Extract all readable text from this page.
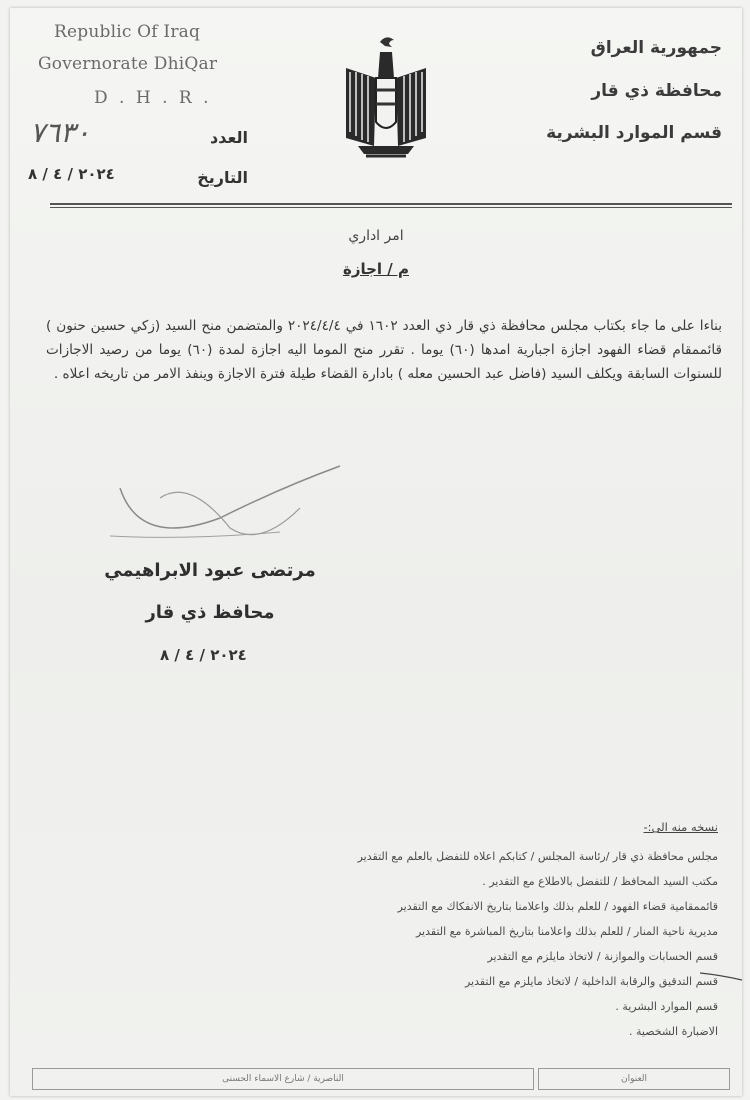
Republic Of Iraq
Governorate DhiQar
D . H . R .
جمهورية العراق
محافظة ذي قار
قسم الموارد البشرية
العدد
٧٦٣٠
التاريخ
٢٠٢٤ / ٤ / ٨
امر اداري
م / اجازة
بناءا على ما جاء بكتاب مجلس محافظة ذي قار ذي العدد ١٦٠٢ في ٢٠٢٤/٤/٤ والمتضمن منح السيد (زكي حسين حنون ) قائممقام قضاء الفهود اجازة اجبارية امدها (٦٠) يوما . تقرر منح الموما اليه اجازة لمدة (٦٠) يوما من رصيد الاجازات للسنوات السابقة ويكلف السيد (فاضل عبد الحسين معله ) بادارة القضاء طيلة فترة الاجازة وينفذ الامر من تاريخه اعلاه .
مرتضى عبود الابراهيمي
محافظ ذي قار
٢٠٢٤ / ٤ / ٨
نسخه منه الى:-
مجلس محافظة ذي قار /رئاسة المجلس / كتابكم اعلاه للتفضل بالعلم مع التقدير
مكتب السيد المحافظ / للتفضل بالاطلاع مع التقدير .
قائممقامية قضاء الفهود / للعلم بذلك واعلامنا بتاريخ الانفكاك مع التقدير
مديرية ناحية المنار / للعلم بذلك واعلامنا بتاريخ المباشرة مع التقدير
قسم الحسابات والموازنة / لاتخاذ مايلزم مع التقدير
قسم التدقيق والرقابة الداخلية / لاتخاذ مايلزم مع التقدير
قسم الموارد البشرية .
الاضبارة الشخصية .
الناصرية / شارع الاسماء الحسنى	العنوان
